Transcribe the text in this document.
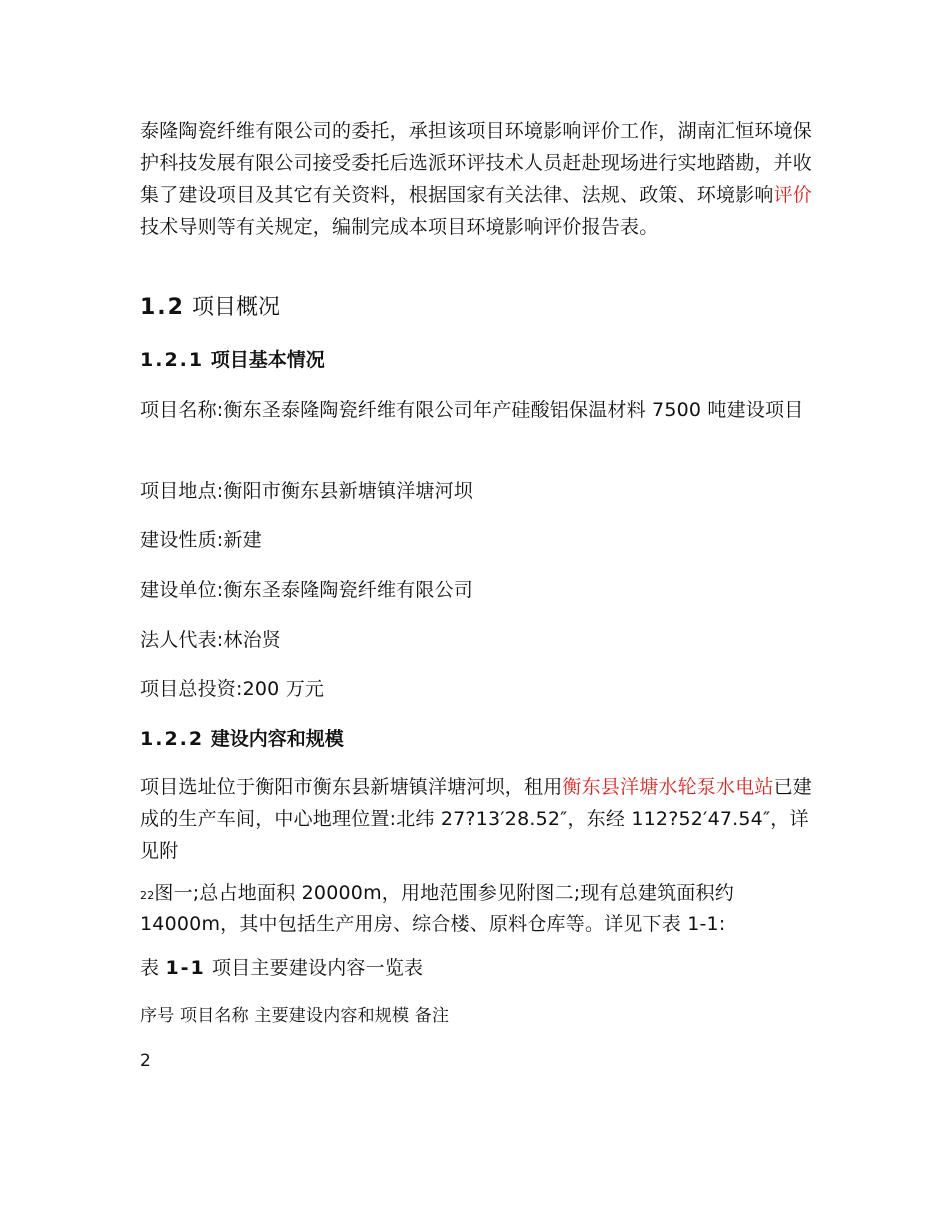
泰隆陶瓷纤维有限公司的委托，承担该项目环境影响评价工作，湖南汇恒环境保护科技发展有限公司接受委托后选派环评技术人员赶赴现场进行实地踏勘，并收集了建设项目及其它有关资料，根据国家有关法律、法规、政策、环境影响评价技术导则等有关规定，编制完成本项目环境影响评价报告表。

1.2 项目概况
1.2.1 项目基本情况

项目名称:衡东圣泰隆陶瓷纤维有限公司年产硅酸铝保温材料 7500 吨建设项目

项目地点:衡阳市衡东县新塘镇洋塘河坝

建设性质:新建

建设单位:衡东圣泰隆陶瓷纤维有限公司

法人代表:林治贤

项目总投资:200 万元

1.2.2 建设内容和规模

项目选址位于衡阳市衡东县新塘镇洋塘河坝，租用衡东县洋塘水轮泵水电站已建成的生产车间，中心地理位置:北纬 27?13′28.52″，东经 112?52′47.54″，详见附

22图一;总占地面积 20000m，用地范围参见附图二;现有总建筑面积约
14000m，其中包括生产用房、综合楼、原料仓库等。详见下表 1-1:

表 1-1 项目主要建设内容一览表

序号 项目名称 主要建设内容和规模 备注

2
